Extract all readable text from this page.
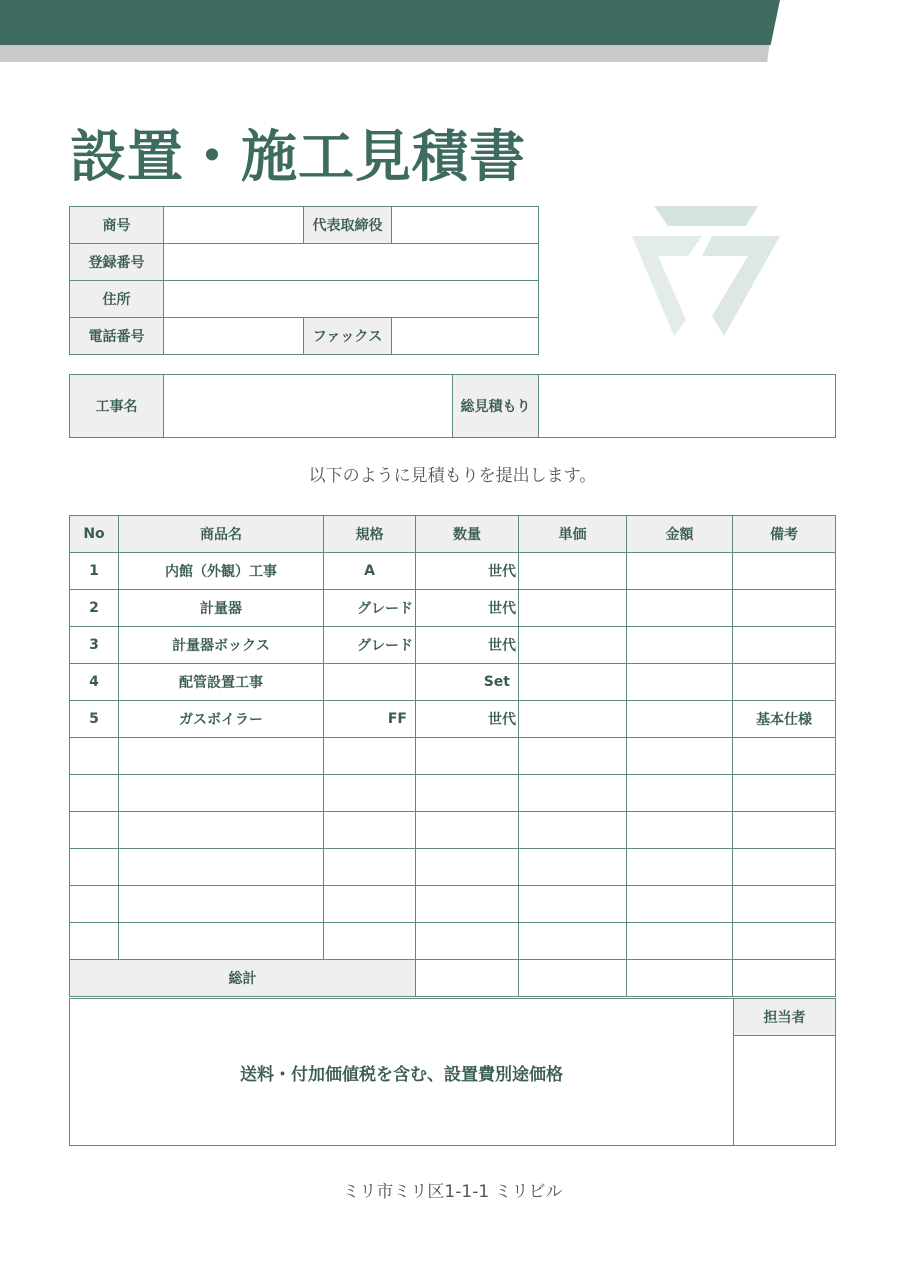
設置・施工見積書
商号		代表取締役	
登録番号			
住所			
電話番号		ファックス	
工事名		総見積もり	
以下のように見積もりを提出します。
No	商品名	規格	数量	単価	金額	備考
1	内館（外観）工事	A	世代			
2	計量器	グレード	世代			
3	計量器ボックス	グレード	世代			
4	配管設置工事		Set			
5	ガスボイラー	FF	世代			基本仕様

総計						
送料・付加価値税を含む、設置費別途価格	担当者

ミリ市ミリ区1-1-1 ミリビル
